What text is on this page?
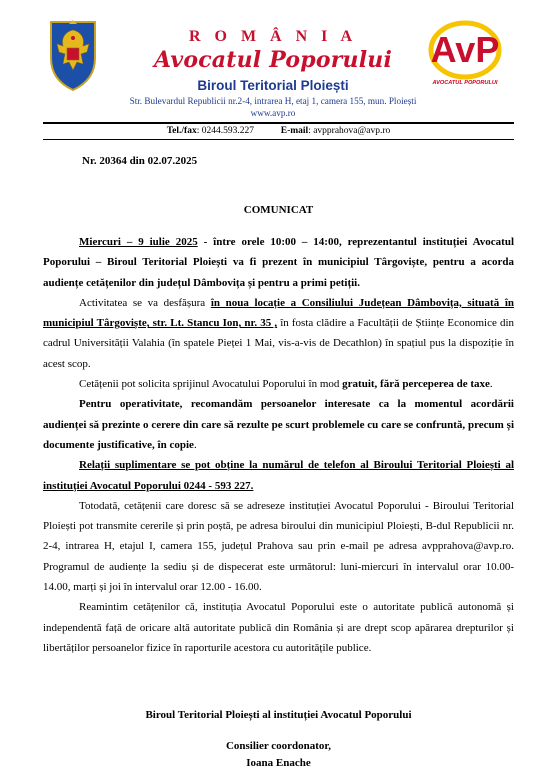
R O M Â N I A
Avocatul Poporului
Biroul Teritorial Ploiești
Str. Bulevardul Republicii nr.2-4, intrarea H, etaj 1, camera 155, mun. Ploiești
www.avp.ro
AvP
AVOCATUL POPORULUI
Tel./fax: 0244.593.227	E-mail: avpprahova@avp.ro
Nr. 20364 din 02.07.2025
COMUNICAT

Miercuri – 9 iulie 2025 - între orele 10:00 – 14:00, reprezentantul instituției Avocatul Poporului – Biroul Teritorial Ploiești va fi prezent în municipiul Târgoviște, pentru a acorda audiențe cetățenilor din județul Dâmbovița și pentru a primi petiții.

Activitatea se va desfășura în noua locație a Consiliului Județean Dâmbovița, situată în municipiul Târgoviște, str. Lt. Stancu Ion, nr. 35 , în fosta clădire a Facultății de Științe Economice din cadrul Universității Valahia (în spatele Pieței 1 Mai, vis-a-vis de Decathlon) în spațiul pus la dispoziție în acest scop.

Cetățenii pot solicita sprijinul Avocatului Poporului în mod gratuit, fără perceperea de taxe.

Pentru operativitate, recomandăm persoanelor interesate ca la momentul acordării audienței să prezinte o cerere din care să rezulte pe scurt problemele cu care se confruntă, precum și documente justificative, în copie.

Relații suplimentare se pot obține la numărul de telefon al Biroului Teritorial Ploiești al instituției Avocatul Poporului 0244 - 593 227.

Totodată, cetățenii care doresc să se adreseze instituției Avocatul Poporului - Biroului Teritorial Ploiești pot transmite cererile și prin poștă, pe adresa biroului din municipiul Ploiești, B-dul Republicii nr. 2-4, intrarea H, etajul I, camera 155, județul Prahova sau prin e-mail pe adresa avpprahova@avp.ro. Programul de audiențe la sediu și de dispecerat este următorul: luni-miercuri în intervalul orar 10.00-14.00, marți și joi în intervalul orar 12.00 - 16.00.

Reamintim cetățenilor că, instituția Avocatul Poporului este o autoritate publică autonomă și independentă față de oricare altă autoritate publică din România și are drept scop apărarea drepturilor și libertăților persoanelor fizice în raporturile acestora cu autoritățile publice.

Biroul Teritorial Ploiești al instituției Avocatul Poporului
Consilier coordonator,
Ioana Enache
